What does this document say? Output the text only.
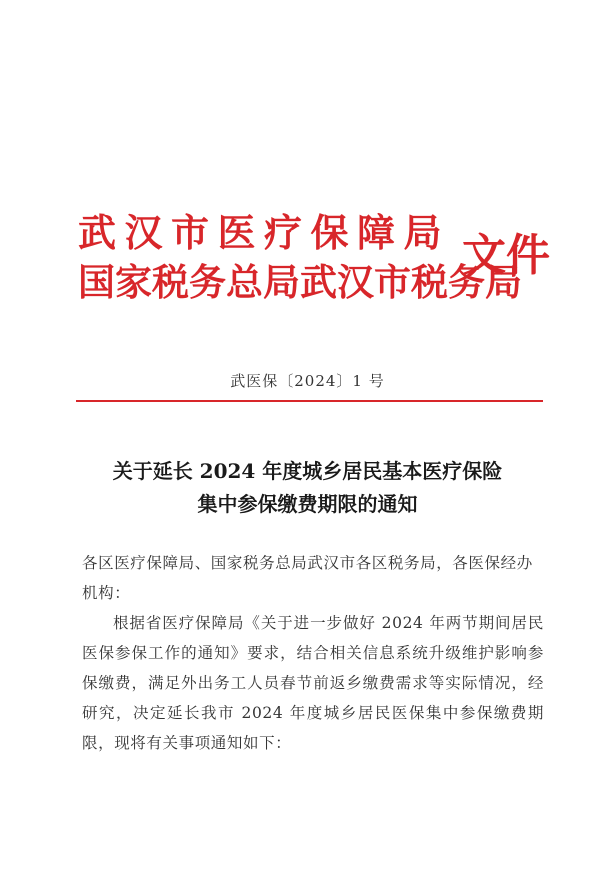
武汉市医疗保障局
国家税务总局武汉市税务局
文件
武医保〔2024〕1 号
关于延长 2024 年度城乡居民基本医疗保险
集中参保缴费期限的通知
各区医疗保障局、国家税务总局武汉市各区税务局，各医保经办机构：
根据省医疗保障局《关于进一步做好 2024 年两节期间居民医保参保工作的通知》要求，结合相关信息系统升级维护影响参保缴费，满足外出务工人员春节前返乡缴费需求等实际情况，经研究，决定延长我市 2024 年度城乡居民医保集中参保缴费期限，现将有关事项通知如下：
